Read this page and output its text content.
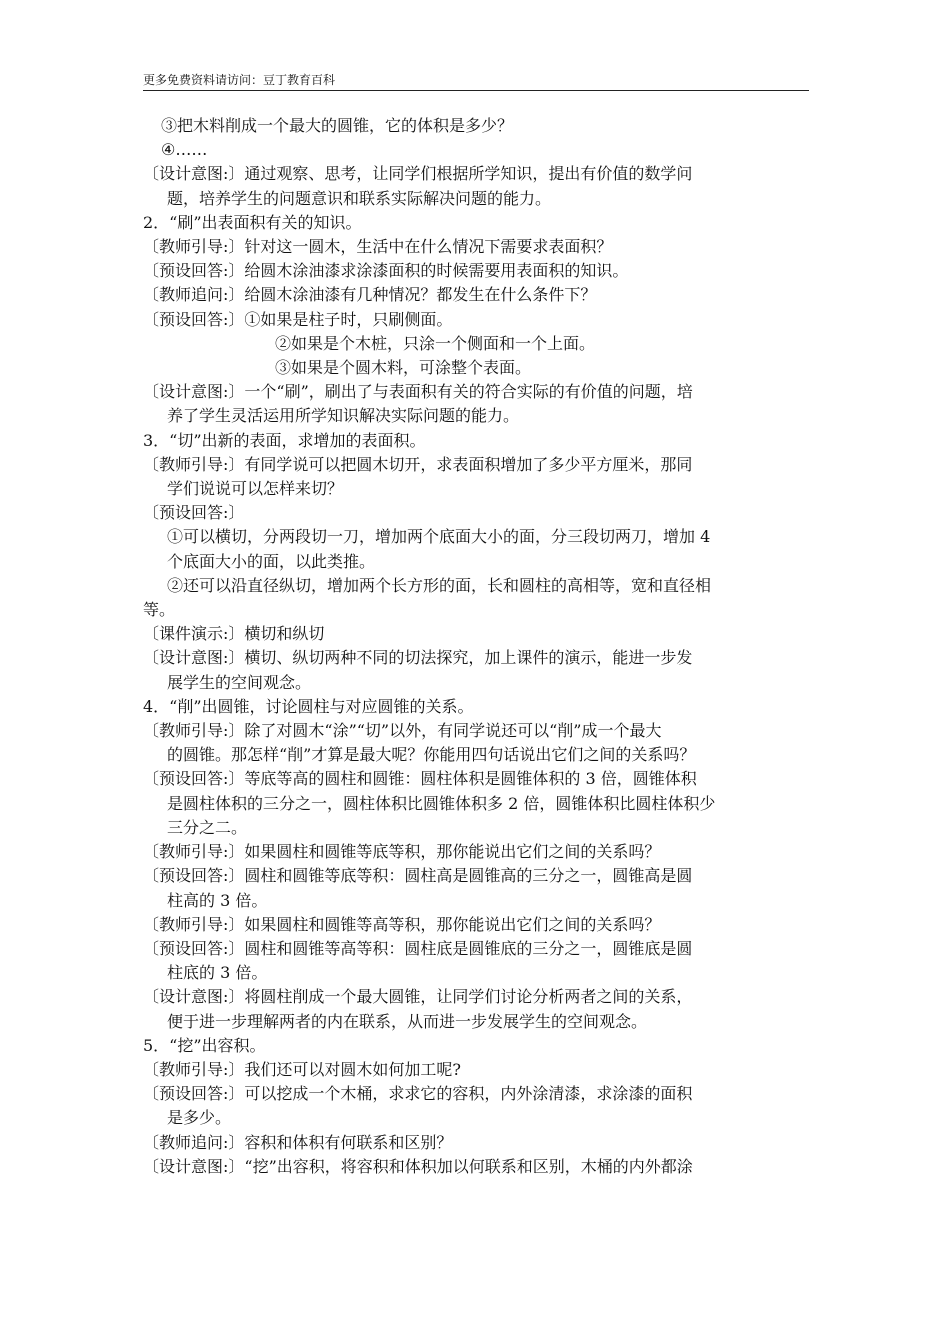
更多免费资料请访问：豆丁教育百科
③把木料削成一个最大的圆锥，它的体积是多少？
④……
〔设计意图:〕通过观察、思考，让同学们根据所学知识，提出有价值的数学问
题，培养学生的问题意识和联系实际解决问题的能力。
2．“刷”出表面积有关的知识。
〔教师引导:〕针对这一圆木，生活中在什么情况下需要求表面积？
〔预设回答:〕给圆木涂油漆求涂漆面积的时候需要用表面积的知识。
〔教师追问:〕给圆木涂油漆有几种情况？都发生在什么条件下？
〔预设回答:〕①如果是柱子时，只刷侧面。
②如果是个木桩，只涂一个侧面和一个上面。
③如果是个圆木料，可涂整个表面。
〔设计意图:〕一个“刷”，刷出了与表面积有关的符合实际的有价值的问题，培
养了学生灵活运用所学知识解决实际问题的能力。
3．“切”出新的表面，求增加的表面积。
〔教师引导:〕有同学说可以把圆木切开，求表面积增加了多少平方厘米，那同
学们说说可以怎样来切？
〔预设回答:〕
①可以横切，分两段切一刀，增加两个底面大小的面，分三段切两刀，增加 4
个底面大小的面，以此类推。
②还可以沿直径纵切，增加两个长方形的面，长和圆柱的高相等，宽和直径相
等。
〔课件演示:〕横切和纵切
〔设计意图:〕横切、纵切两种不同的切法探究，加上课件的演示，能进一步发
展学生的空间观念。
4．“削”出圆锥，讨论圆柱与对应圆锥的关系。
〔教师引导:〕除了对圆木“涂”“切”以外，有同学说还可以“削”成一个最大
的圆锥。那怎样“削”才算是最大呢？你能用四句话说出它们之间的关系吗？
〔预设回答:〕等底等高的圆柱和圆锥：圆柱体积是圆锥体积的 3 倍，圆锥体积
是圆柱体积的三分之一，圆柱体积比圆锥体积多 2 倍，圆锥体积比圆柱体积少
三分之二。
〔教师引导:〕如果圆柱和圆锥等底等积，那你能说出它们之间的关系吗？
〔预设回答:〕圆柱和圆锥等底等积：圆柱高是圆锥高的三分之一，圆锥高是圆
柱高的 3 倍。
〔教师引导:〕如果圆柱和圆锥等高等积，那你能说出它们之间的关系吗？
〔预设回答:〕圆柱和圆锥等高等积：圆柱底是圆锥底的三分之一，圆锥底是圆
柱底的 3 倍。
〔设计意图:〕将圆柱削成一个最大圆锥，让同学们讨论分析两者之间的关系，
便于进一步理解两者的内在联系，从而进一步发展学生的空间观念。
5．“挖”出容积。
〔教师引导:〕我们还可以对圆木如何加工呢?
〔预设回答:〕可以挖成一个木桶，求求它的容积，内外涂清漆，求涂漆的面积
是多少。
〔教师追问:〕容积和体积有何联系和区别？
〔设计意图:〕“挖”出容积，将容积和体积加以何联系和区别，木桶的内外都涂
